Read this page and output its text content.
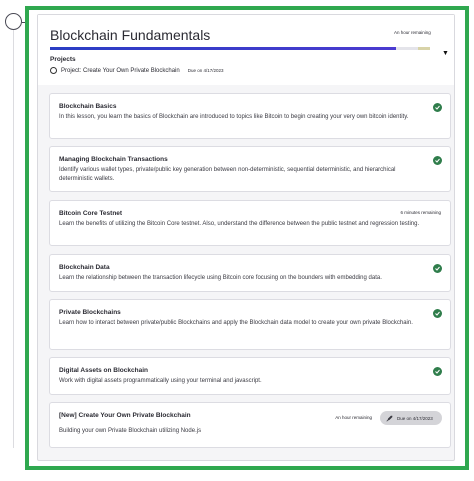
Blockchain Fundamentals	An hour remaining
▼
Projects
Project: Create Your Own Private Blockchain Due on 4/17/2023
Blockchain Basics
In this lesson, you learn the basics of Blockchain are introduced to topics like Bitcoin to begin creating your very own bitcoin identity.
Managing Blockchain Transactions
Identify various wallet types, private/public key generation between non-deterministic, sequential deterministic, and hierarchical deterministic wallets.
Bitcoin Core Testnet
Learn the benefits of utilizing the Bitcoin Core testnet. Also, understand the difference between the public testnet and regression testing.
6 minutes remaining
Blockchain Data
Learn the relationship between the transaction lifecycle using Bitcoin core focusing on the bounders with embedding data.
Private Blockchains
Learn how to interact between private/public Blockchains and apply the Blockchain data model to create your own private Blockchain.
Digital Assets on Blockchain
Work with digital assets programmatically using your terminal and javascript.
[New] Create Your Own Private Blockchain
Building your own Private Blockchain utilizing Node.js
An hour remaining	Due on 4/17/2023
